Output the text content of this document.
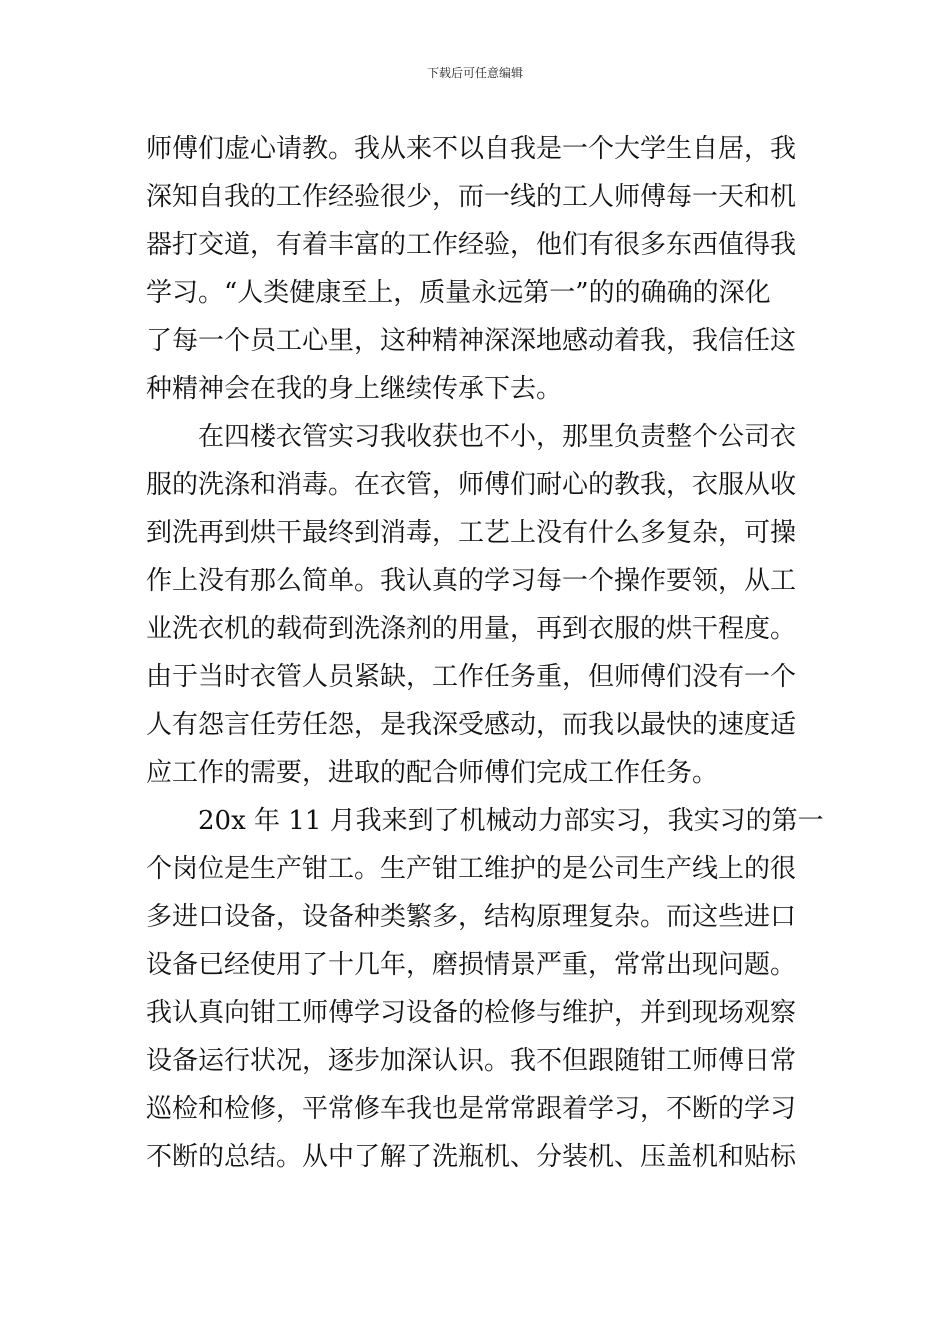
下载后可任意编辑
师傅们虚心请教。我从来不以自我是一个大学生自居，我
深知自我的工作经验很少，而一线的工人师傅每一天和机
器打交道，有着丰富的工作经验，他们有很多东西值得我
学习。“人类健康至上，质量永远第一”的的确确的深化
了每一个员工心里，这种精神深深地感动着我，我信任这
种精神会在我的身上继续传承下去。
在四楼衣管实习我收获也不小，那里负责整个公司衣
服的洗涤和消毒。在衣管，师傅们耐心的教我，衣服从收
到洗再到烘干最终到消毒，工艺上没有什么多复杂，可操
作上没有那么简单。我认真的学习每一个操作要领，从工
业洗衣机的载荷到洗涤剂的用量，再到衣服的烘干程度。
由于当时衣管人员紧缺，工作任务重，但师傅们没有一个
人有怨言任劳任怨，是我深受感动，而我以最快的速度适
应工作的需要，进取的配合师傅们完成工作任务。
20x 年 11 月我来到了机械动力部实习，我实习的第一
个岗位是生产钳工。生产钳工维护的是公司生产线上的很
多进口设备，设备种类繁多，结构原理复杂。而这些进口
设备已经使用了十几年，磨损情景严重，常常出现问题。
我认真向钳工师傅学习设备的检修与维护，并到现场观察
设备运行状况，逐步加深认识。我不但跟随钳工师傅日常
巡检和检修，平常修车我也是常常跟着学习，不断的学习
不断的总结。从中了解了洗瓶机、分装机、压盖机和贴标
